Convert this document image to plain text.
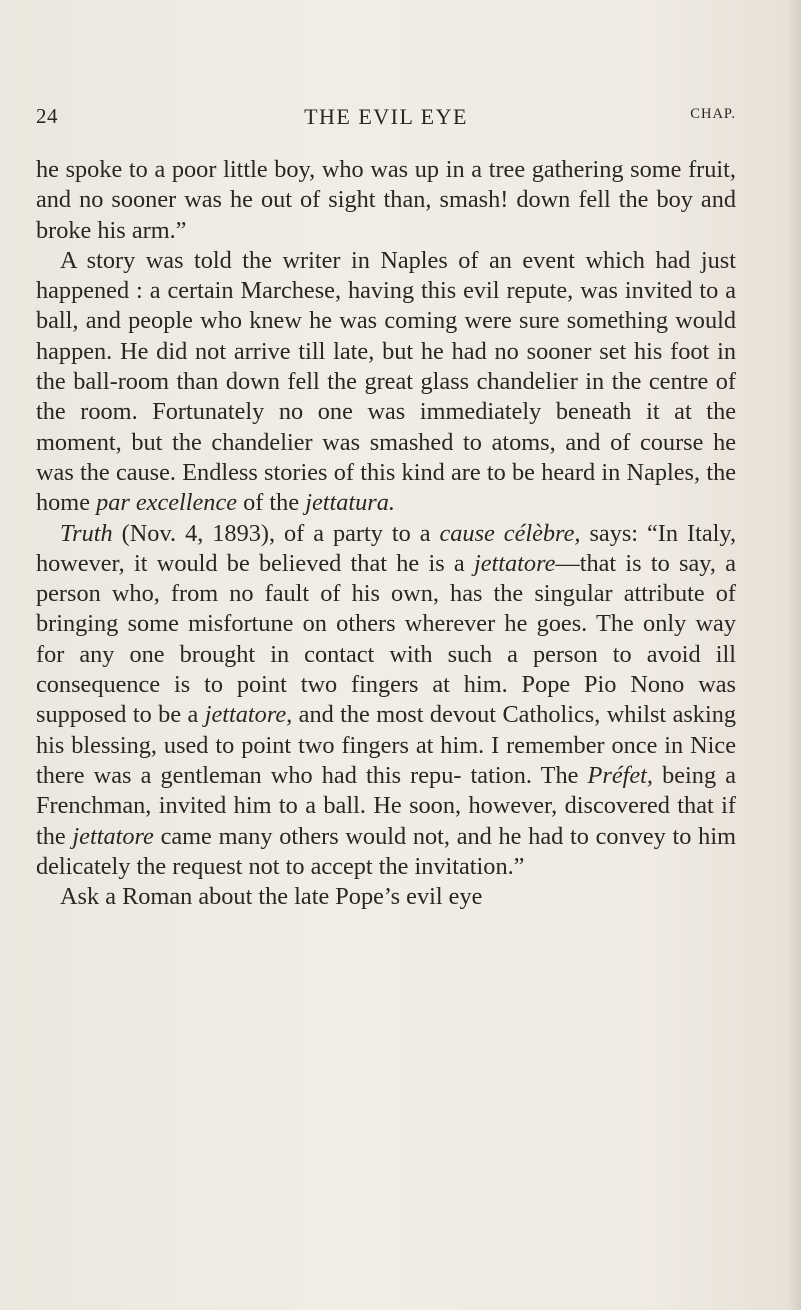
24	THE EVIL EYE	CHAP.

he spoke to a poor little boy, who was up in a tree gathering some fruit, and no sooner was he out of sight than, smash! down fell the boy and broke his arm.”

A story was told the writer in Naples of an event which had just happened : a certain Marchese, having this evil repute, was invited to a ball, and people who knew he was coming were sure something would happen. He did not arrive till late, but he had no sooner set his foot in the ball-room than down fell the great glass chandelier in the centre of the room. Fortunately no one was immediately beneath it at the moment, but the chandelier was smashed to atoms, and of course he was the cause. Endless stories of this kind are to be heard in Naples, the home par excellence of the jettatura.

Truth (Nov. 4, 1893), of a party to a cause célèbre, says: “In Italy, however, it would be believed that he is a jettatore—that is to say, a person who, from no fault of his own, has the singular attribute of bringing some misfortune on others wherever he goes. The only way for any one brought in contact with such a person to avoid ill consequence is to point two fingers at him. Pope Pio Nono was supposed to be a jettatore, and the most devout Catholics, whilst asking his blessing, used to point two fingers at him. I remember once in Nice there was a gentleman who had this repu- tation. The Préfet, being a Frenchman, invited him to a ball. He soon, however, discovered that if the jettatore came many others would not, and he had to convey to him delicately the request not to accept the invitation.”

Ask a Roman about the late Pope’s evil eye
